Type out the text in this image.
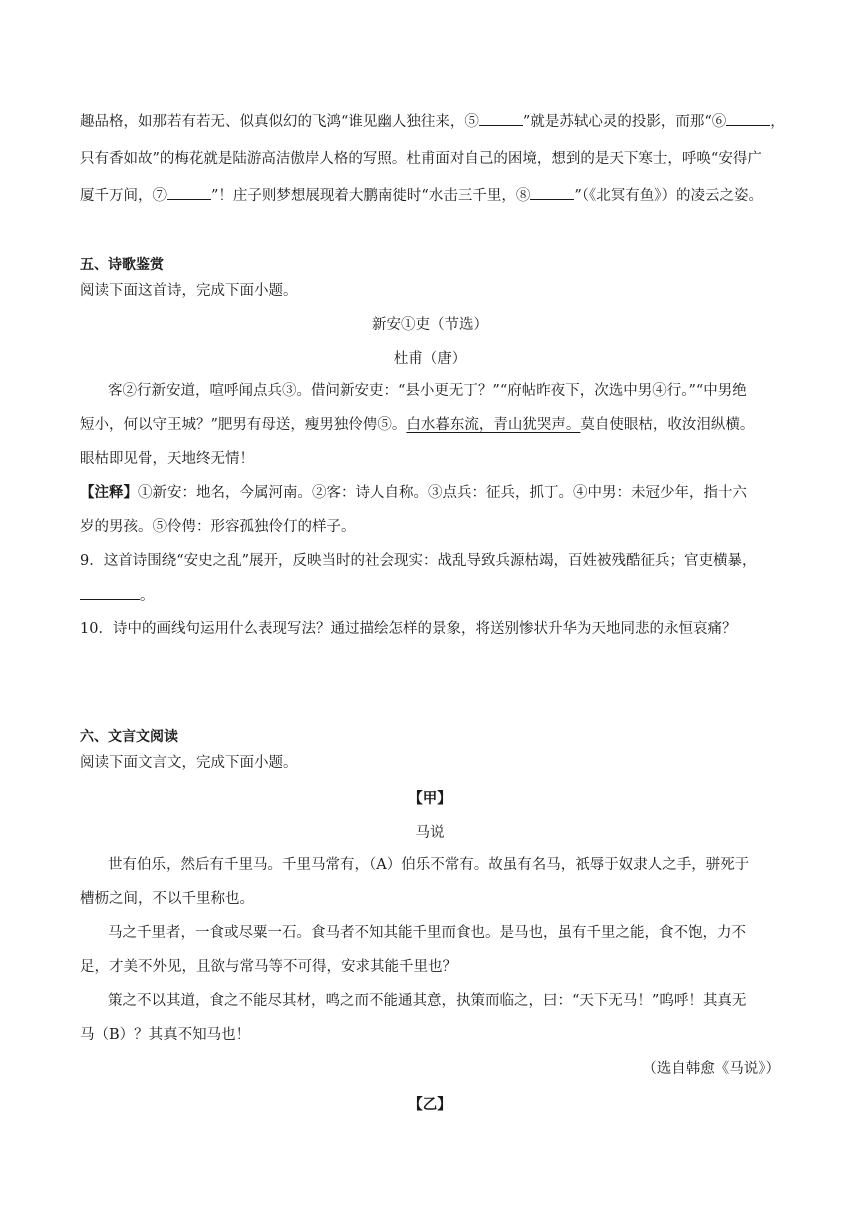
趣品格，如那若有若无、似真似幻的飞鸿“谁见幽人独往来，⑤	”就是苏轼心灵的投影，而那“⑥	，
只有香如故”的梅花就是陆游高洁傲岸人格的写照。杜甫面对自己的困境，想到的是天下寒士，呼唤“安得广
厦千万间，⑦	”！庄子则梦想展现着大鹏南徙时“水击三千里，⑧	”（《北冥有鱼》）的凌云之姿。
五、诗歌鉴赏
阅读下面这首诗，完成下面小题。
新安①吏（节选）
杜甫（唐）
客②行新安道，喧呼闻点兵③。借问新安吏：“县小更无丁？”“府帖昨夜下，次选中男④行。”“中男绝
短小，何以守王城？”肥男有母送，瘦男独伶俜⑤。白水暮东流，青山犹哭声。莫自使眼枯，收汝泪纵横。
眼枯即见骨，天地终无情！
【注释】①新安：地名，今属河南。②客：诗人自称。③点兵：征兵，抓丁。④中男：未冠少年，指十六
岁的男孩。⑤伶俜：形容孤独伶仃的样子。
9．这首诗围绕“安史之乱”展开，反映当时的社会现实：战乱导致兵源枯竭，百姓被残酷征兵；官吏横暴，
。
10．诗中的画线句运用什么表现写法？通过描绘怎样的景象，将送别惨状升华为天地同悲的永恒哀痛？
六、文言文阅读
阅读下面文言文，完成下面小题。
【甲】
马说
世有伯乐，然后有千里马。千里马常有，（A）伯乐不常有。故虽有名马，祇辱于奴隶人之手，骈死于
槽枥之间，不以千里称也。
马之千里者，一食或尽粟一石。食马者不知其能千里而食也。是马也，虽有千里之能，食不饱，力不
足，才美不外见，且欲与常马等不可得，安求其能千里也？
策之不以其道，食之不能尽其材，鸣之而不能通其意，执策而临之，曰：“天下无马！”呜呼！其真无
马（B）？其真不知马也！
（选自韩愈《马说》）
【乙】
